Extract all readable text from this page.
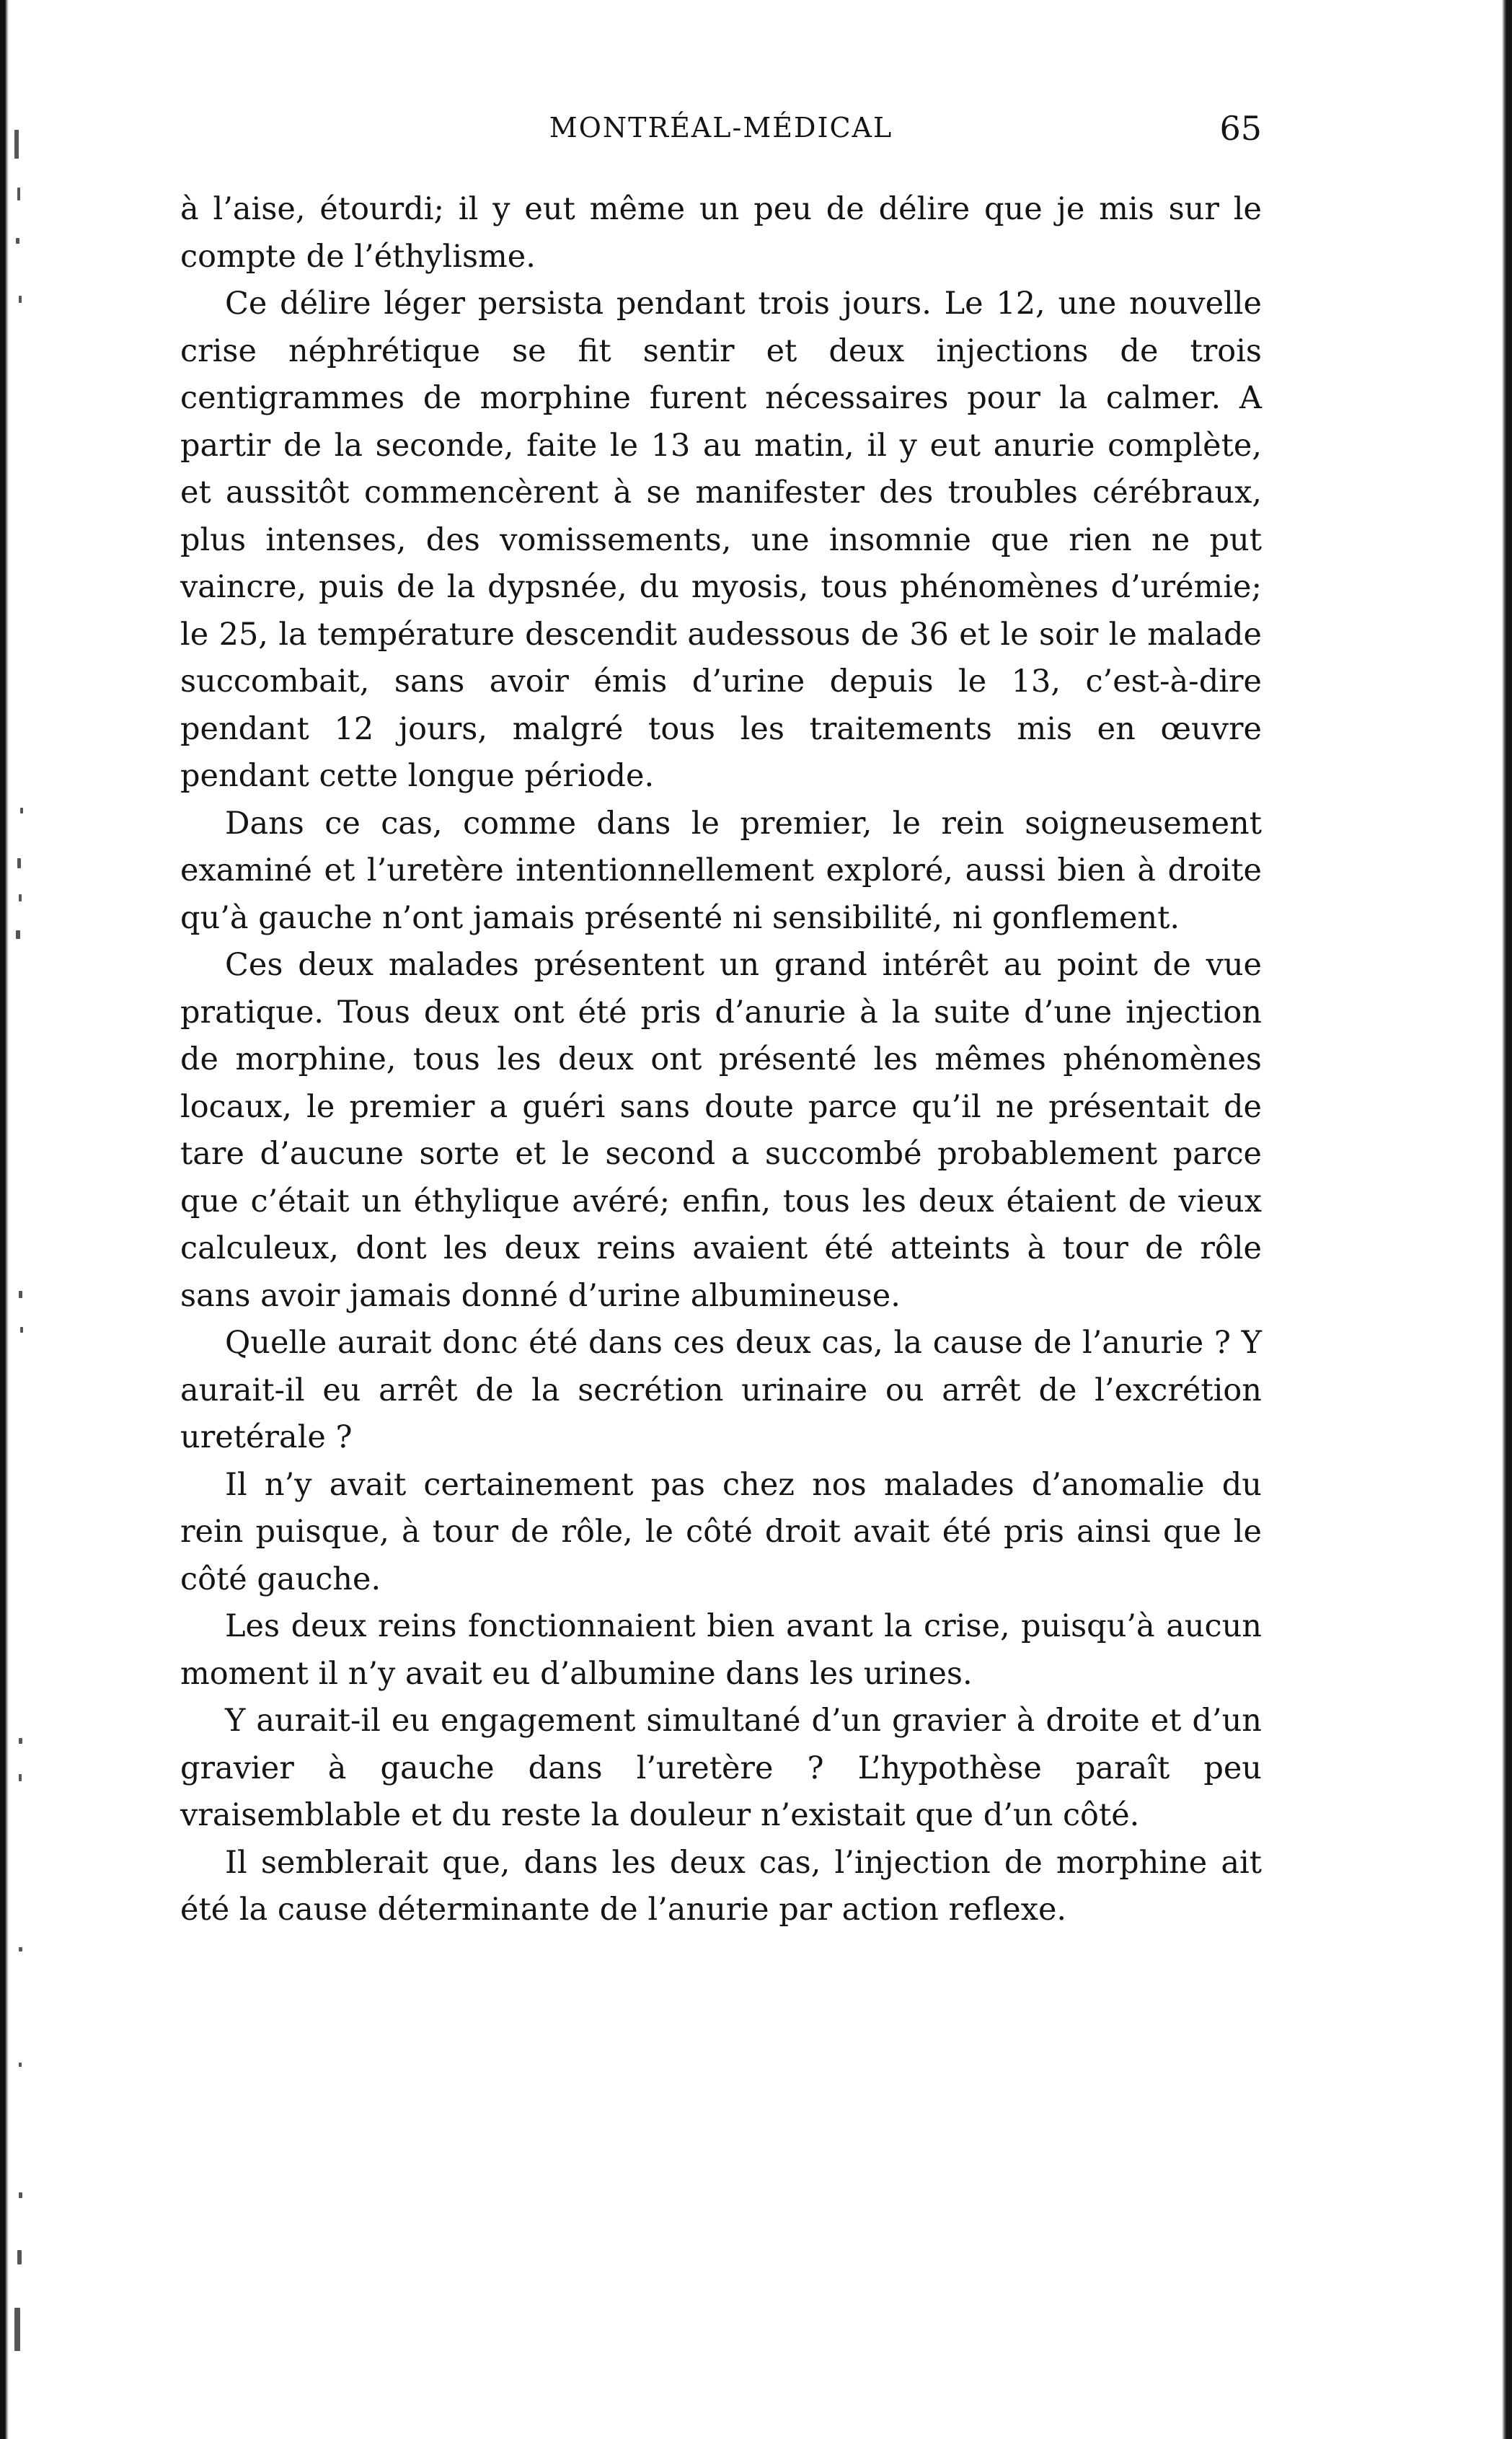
MONTRÉAL-MÉDICAL	65

à l’aise, étourdi; il y eut même un peu de délire que je mis sur le compte de l’éthylisme.

Ce délire léger persista pendant trois jours. Le 12, une nouvelle crise néphrétique se fit sentir et deux injections de trois centigrammes de morphine furent nécessaires pour la calmer. A partir de la seconde, faite le 13 au matin, il y eut anurie complète, et aussitôt commencèrent à se manifester des troubles cérébraux, plus intenses, des vomissements, une insomnie que rien ne put vaincre, puis de la dypsnée, du myosis, tous phénomènes d’urémie; le 25, la température descendit audessous de 36 et le soir le malade succombait, sans avoir émis d’urine depuis le 13, c’est-à-dire pendant 12 jours, malgré tous les traitements mis en œuvre pendant cette longue période.

Dans ce cas, comme dans le premier, le rein soigneusement examiné et l’uretère intentionnellement exploré, aussi bien à droite qu’à gauche n’ont jamais présenté ni sensibilité, ni gonflement.

Ces deux malades présentent un grand intérêt au point de vue pratique. Tous deux ont été pris d’anurie à la suite d’une injection de morphine, tous les deux ont présenté les mêmes phénomènes locaux, le premier a guéri sans doute parce qu’il ne présentait de tare d’aucune sorte et le second a succombé probablement parce que c’était un éthylique avéré; enfin, tous les deux étaient de vieux calculeux, dont les deux reins avaient été atteints à tour de rôle sans avoir jamais donné d’urine albumineuse.

Quelle aurait donc été dans ces deux cas, la cause de l’anurie ? Y aurait-il eu arrêt de la secrétion urinaire ou arrêt de l’excrétion uretérale ?

Il n’y avait certainement pas chez nos malades d’anomalie du rein puisque, à tour de rôle, le côté droit avait été pris ainsi que le côté gauche.

Les deux reins fonctionnaient bien avant la crise, puisqu’à aucun moment il n’y avait eu d’albumine dans les urines.

Y aurait-il eu engagement simultané d’un gravier à droite et d’un gravier à gauche dans l’uretère ? L’hypothèse paraît peu vraisemblable et du reste la douleur n’existait que d’un côté.

Il semblerait que, dans les deux cas, l’injection de morphine ait été la cause déterminante de l’anurie par action reflexe.
